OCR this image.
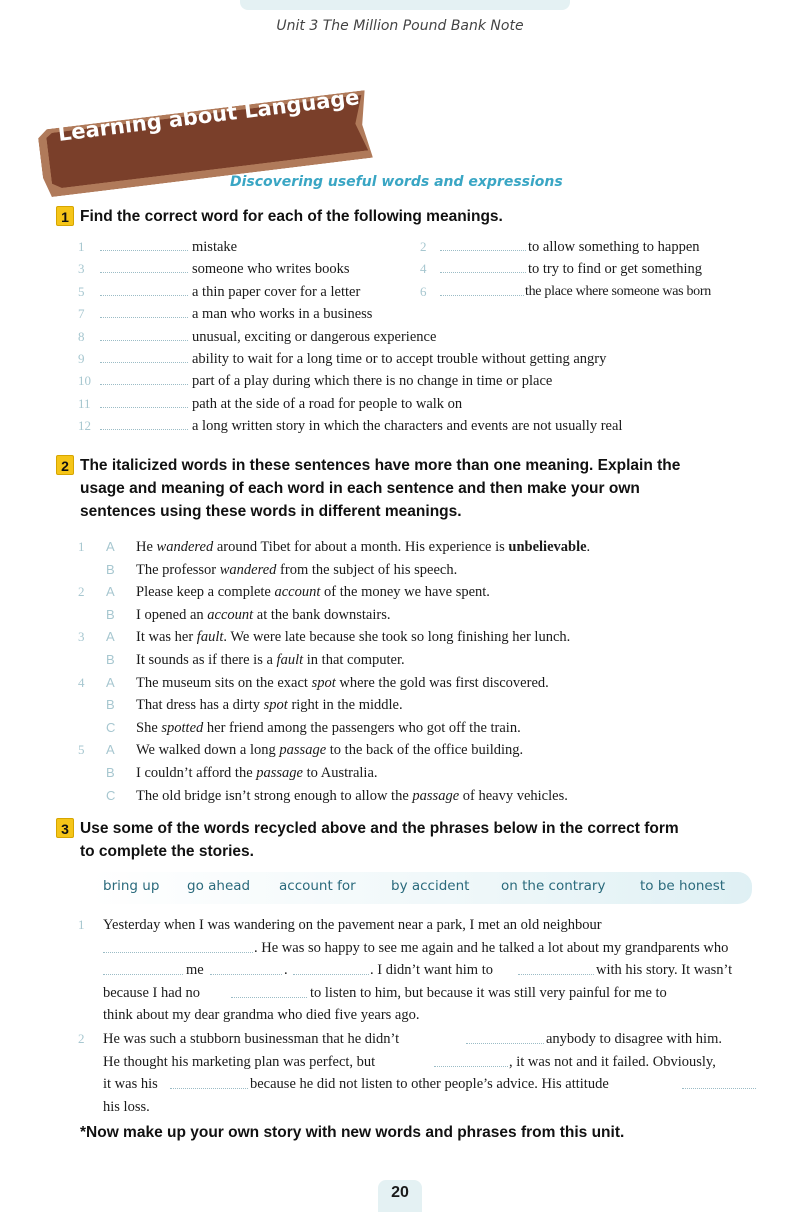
Unit 3 The Million Pound Bank Note
Learning about Language
Discovering useful words and expressions
1 Find the correct word for each of the following meanings.
1	mistake	2	to allow something to happen
3	someone who writes books	4	to try to find or get something
5	a thin paper cover for a letter	6	the place where someone was born
7	a man who works in a business
8	unusual, exciting or dangerous experience
9	ability to wait for a long time or to accept trouble without getting angry
10	part of a play during which there is no change in time or place
11	path at the side of a road for people to walk on
12	a long written story in which the characters and events are not usually real
2 The italicized words in these sentences have more than one meaning. Explain the
usage and meaning of each word in each sentence and then make your own
sentences using these words in different meanings.
1 A He wandered around Tibet for about a month. His experience is unbelievable.
B The professor wandered from the subject of his speech.
2 A Please keep a complete account of the money we have spent.
B I opened an account at the bank downstairs.
3 A It was her fault. We were late because she took so long finishing her lunch.
B It sounds as if there is a fault in that computer.
4 A The museum sits on the exact spot where the gold was first discovered.
B That dress has a dirty spot right in the middle.
C She spotted her friend among the passengers who got off the train.
5 A We walked down a long passage to the back of the office building.
B I couldn’t afford the passage to Australia.
C The old bridge isn’t strong enough to allow the passage of heavy vehicles.
3 Use some of the words recycled above and the phrases below in the correct form
to complete the stories.
bring up go ahead account for	by accident on the contrary	to be honest
1 Yesterday when I was wandering on the pavement near a park, I met an old neighbour
. He was so happy to see me again and he talked a lot about my grandparents who
me	.	. I didn’t want him to	with his story. It wasn’t
because I had no	to listen to him, but because it was still very painful for me to
think about my dear grandma who died five years ago.
2 He was such a stubborn businessman that he didn’t	anybody to disagree with him.
He thought his marketing plan was perfect, but	, it was not and it failed. Obviously,
it was his	because he did not listen to other people’s advice. His attitude
his loss.
*Now make up your own story with new words and phrases from this unit.
20
